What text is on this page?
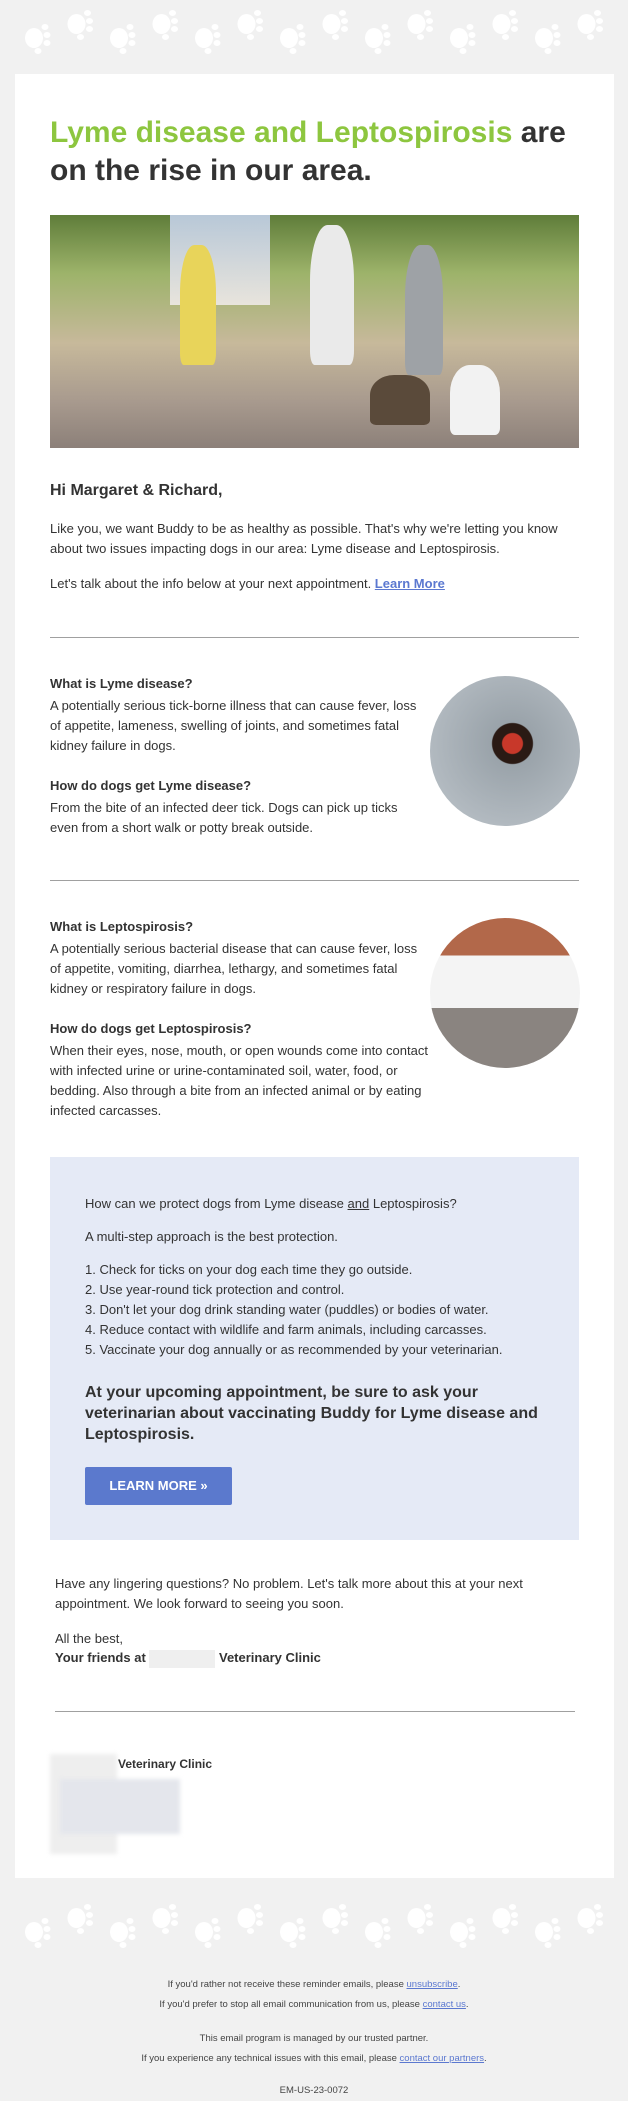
Lyme disease and Leptospirosis are on the rise in our area.
Hi Margaret & Richard,

Like you, we want Buddy to be as healthy as possible. That's why we're letting you know about two issues impacting dogs in our area: Lyme disease and Leptospirosis.

Let's talk about the info below at your next appointment. Learn More

What is Lyme disease?

A potentially serious tick-borne illness that can cause fever, loss of appetite, lameness, swelling of joints, and sometimes fatal kidney failure in dogs.

How do dogs get Lyme disease?

From the bite of an infected deer tick. Dogs can pick up ticks even from a short walk or potty break outside.

What is Leptospirosis?

A potentially serious bacterial disease that can cause fever, loss of appetite, vomiting, diarrhea, lethargy, and sometimes fatal kidney or respiratory failure in dogs.

How do dogs get Leptospirosis?

When their eyes, nose, mouth, or open wounds come into contact with infected urine or urine-contaminated soil, water, food, or bedding. Also through a bite from an infected animal or by eating infected carcasses.

How can we protect dogs from Lyme disease and Leptospirosis?

A multi-step approach is the best protection.

1. Check for ticks on your dog each time they go outside.
2. Use year-round tick protection and control.
3. Don't let your dog drink standing water (puddles) or bodies of water.
4. Reduce contact with wildlife and farm animals, including carcasses.
5. Vaccinate your dog annually or as recommended by your veterinarian.

At your upcoming appointment, be sure to ask your veterinarian about vaccinating Buddy for Lyme disease and Leptospirosis.

LEARN MORE »

Have any lingering questions? No problem. Let's talk more about this at your next appointment. We look forward to seeing you soon.

All the best,
Your friends at	Veterinary Clinic
Veterinary Clinic
If you'd rather not receive these reminder emails, please unsubscribe.
If you'd prefer to stop all email communication from us, please contact us.
This email program is managed by our trusted partner.
If you experience any technical issues with this email, please contact our partners.
EM-US-23-0072
